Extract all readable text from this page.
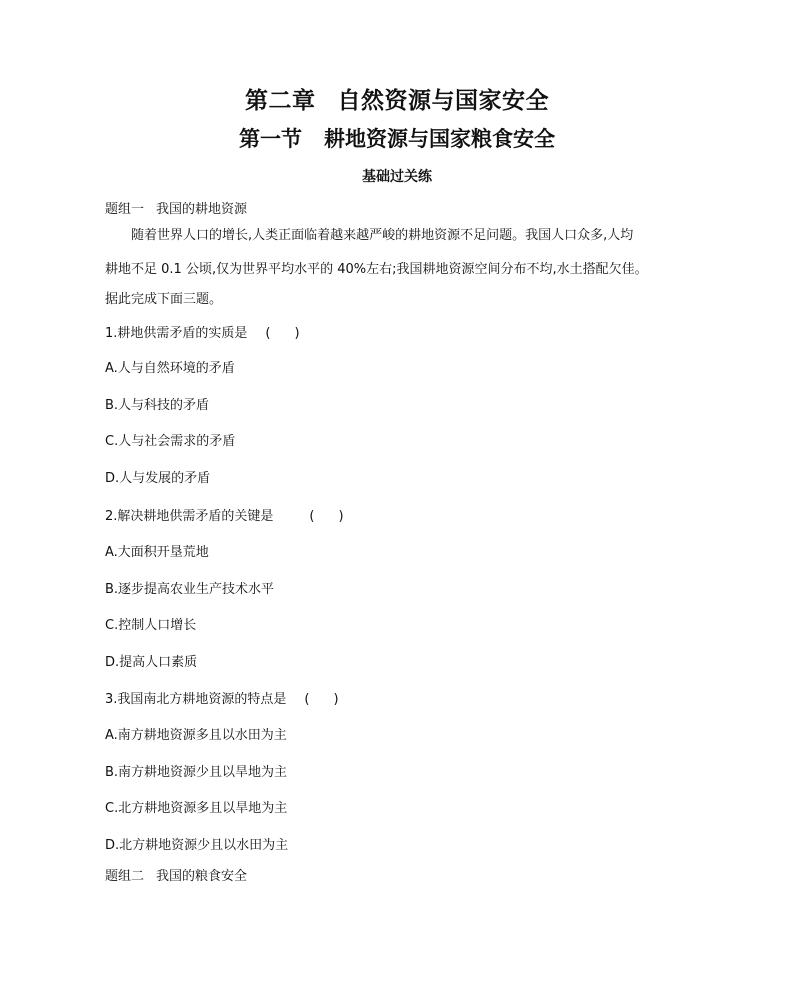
第二章 自然资源与国家安全
第一节 耕地资源与国家粮食安全
基础过关练
题组一 我国的耕地资源
随着世界人口的增长,人类正面临着越来越严峻的耕地资源不足问题。我国人口众多,人均
耕地不足 0.1 公顷,仅为世界平均水平的 40%左右;我国耕地资源空间分布不均,水土搭配欠佳。
据此完成下面三题。
1.耕地供需矛盾的实质是 ( )
A.人与自然环境的矛盾
B.人与科技的矛盾
C.人与社会需求的矛盾
D.人与发展的矛盾
2.解决耕地供需矛盾的关键是	( )
A.大面积开垦荒地
B.逐步提高农业生产技术水平
C.控制人口增长
D.提高人口素质
3.我国南北方耕地资源的特点是 ( )
A.南方耕地资源多且以水田为主
B.南方耕地资源少且以旱地为主
C.北方耕地资源多且以旱地为主
D.北方耕地资源少且以水田为主
题组二 我国的粮食安全
